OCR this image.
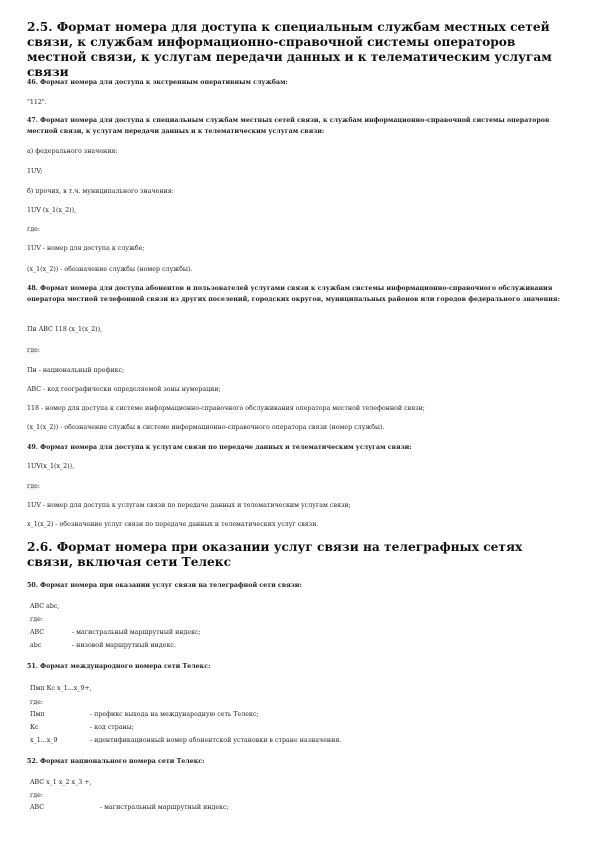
2.5. Формат номера для доступа к специальным службам местных сетей связи, к службам информационно-справочной системы операторов местной связи, к услугам передачи данных и к телематическим услугам связи

46. Формат номера для доступа к экстренным оперативным службам:

"112".

47. Формат номера для доступа к специальным службам местных сетей связи, к службам информационно-справочной системы операторов местной связи, к услугам передачи данных и к телематическим услугам связи:

а) федерального значения:

1UV;

б) прочих, в т.ч. муниципального значения:

1UV (x_1(x_2)),

где:

1UV - номер для доступа к службе;

(x_1(x_2)) - обозначение службы (номер службы).

48. Формат номера для доступа абонентов и пользователей услугами связи к службам системы информационно-справочного обслуживания оператора местной телефонной связи из других поселений, городских округов, муниципальных районов или городов федерального значения:

Пн ABC 118 (x_1(x_2)),

где:

Пн - национальный префикс;

ABC - код географически определяемой зоны нумерации;

118 - номер для доступа к системе информационно-справочного обслуживания оператора местной телефонной связи;

(x_1(x_2)) - обозначение службы в системе информационно-справочного оператора связи (номер службы).

49. Формат номера для доступа к услугам связи по передаче данных и телематическим услугам связи:

1UV(x_1(x_2)),

где:

1UV - номер для доступа к услугам связи по передаче данных и телематическим услугам связи;

x_1(x_2) - обозначение услуг связи по передаче данных и телематических услуг связи.

2.6. Формат номера при оказании услуг связи на телеграфных сетях связи, включая сети Телекс

50. Формат номера при оказании услуг связи на телеграфной сети связи:

ABC abc,

где:

ABC	- магистральный маршрутный индекс;
abc	- низовой маршрутный индекс.

51. Формат международного номера сети Телекс:

Пмп Кс x_1...x_9+,

где:

Пмп	- префикс выхода на международную сеть Телекс;
Кс	- код страны;
x_1...x_9	- идентификационный номер абонентской установки в стране назначения.

52. Формат национального номера сети Телекс:

ABC x_1 x_2 x_3 +,

где:

ABC	- магистральный маршрутный индекс;
